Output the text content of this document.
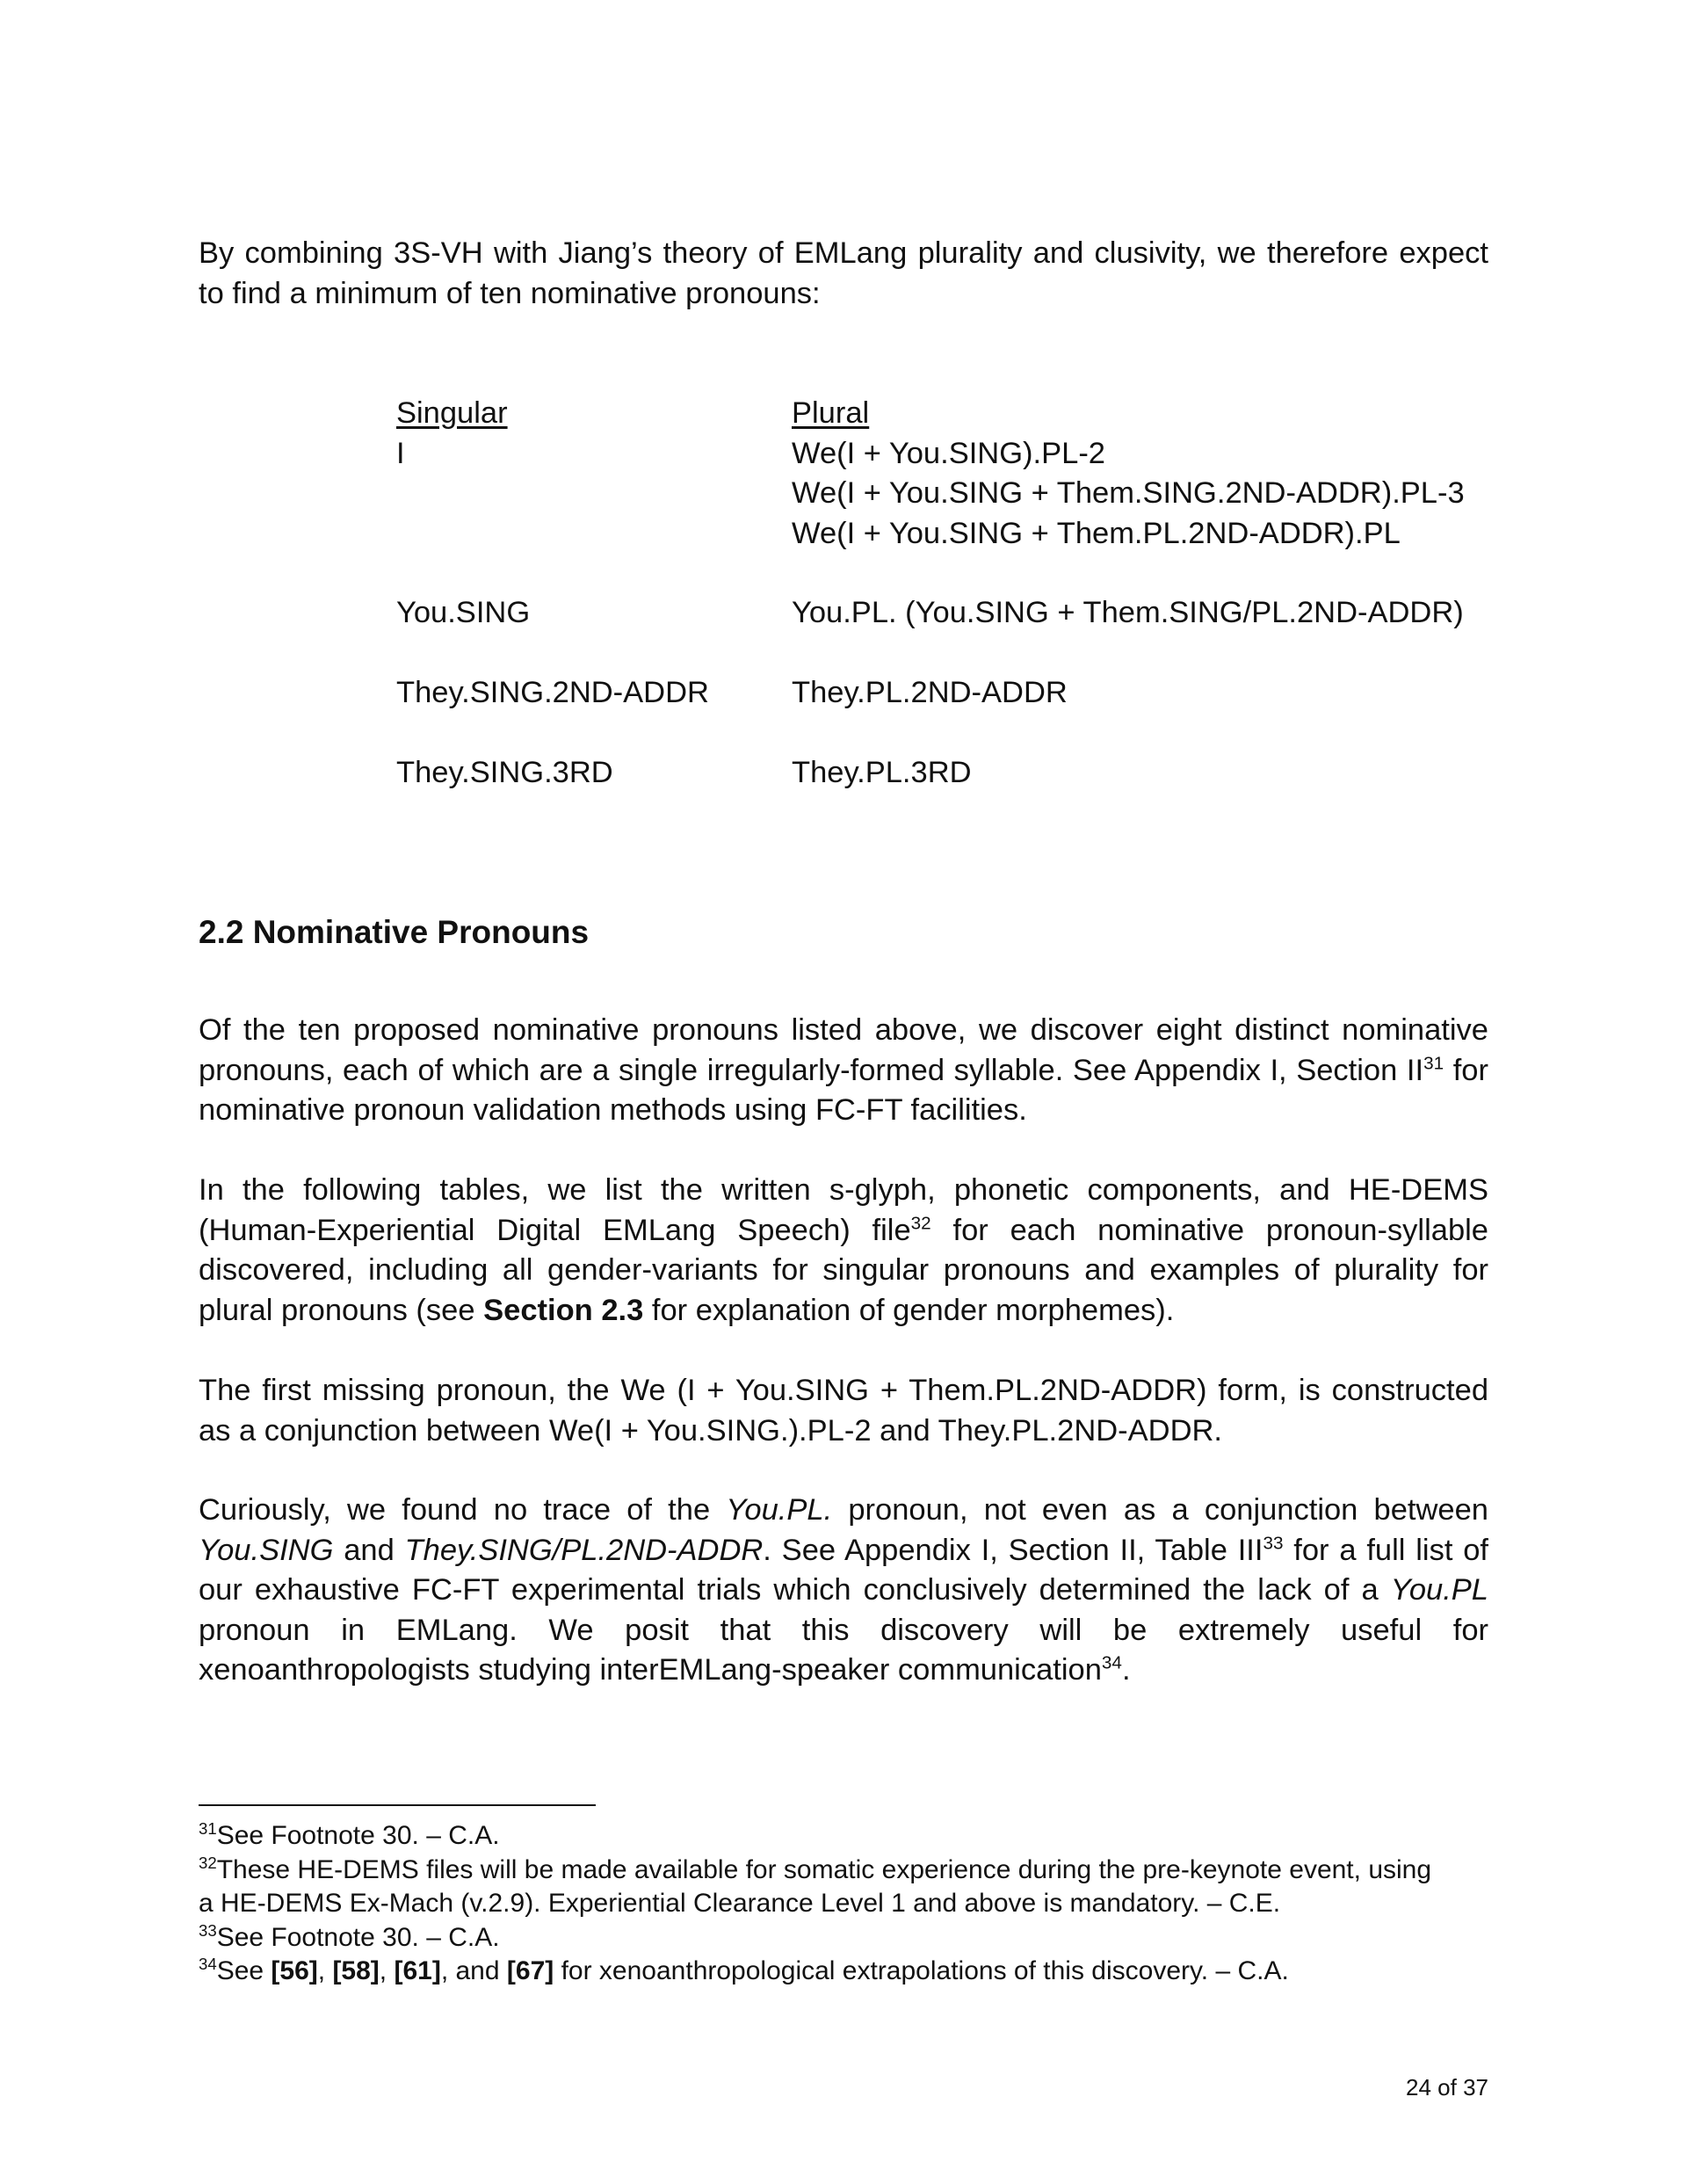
By combining 3S-VH with Jiang’s theory of EMLang plurality and clusivity, we therefore expect
to find a minimum of ten nominative pronouns:

Singular
I
You.SING
They.SING.2ND-ADDR
They.SING.3RD
Plural
We(I + You.SING).PL-2
We(I + You.SING + Them.SING.2ND-ADDR).PL-3
We(I + You.SING + Them.PL.2ND-ADDR).PL
You.PL. (You.SING + Them.SING/PL.2ND-ADDR)
They.PL.2ND-ADDR
They.PL.3RD
2.2 Nominative Pronouns

Of the ten proposed nominative pronouns listed above, we discover eight distinct nominative
pronouns, each of which are a single irregularly-formed syllable. See Appendix I, Section II$^{31}$ for
nominative pronoun validation methods using FC-FT facilities.

In the following tables, we list the written s-glyph, phonetic components, and HE-DEMS
(Human-Experiential Digital EMLang Speech) file$^{32}$ for each nominative pronoun-syllable
discovered, including all gender-variants for singular pronouns and examples of plurality for
plural pronouns (see Section 2.3 for explanation of gender morphemes).

The first missing pronoun, the We (I + You.SING + Them.PL.2ND-ADDR) form, is constructed
as a conjunction between We(I + You.SING.).PL-2 and They.PL.2ND-ADDR.

Curiously, we found no trace of the You.PL. pronoun, not even as a conjunction between
You.SING and They.SING/PL.2ND-ADDR. See Appendix I, Section II, Table III$^{33}$ for a full list of
our exhaustive FC-FT experimental trials which conclusively determined the lack of a You.PL
pronoun in EMLang. We posit that this discovery will be extremely useful for
xenoanthropologists studying interEMLang-speaker communication$^{34}$.

$^{31}$See Footnote 30. – C.A.
$^{32}$These HE-DEMS files will be made available for somatic experience during the pre-keynote event, using
a HE-DEMS Ex-Mach (v.2.9). Experiential Clearance Level 1 and above is mandatory. – C.E.
$^{33}$See Footnote 30. – C.A.
$^{34}$See [56], [58], [61], and [67] for xenoanthropological extrapolations of this discovery. – C.A.
24 of 37
